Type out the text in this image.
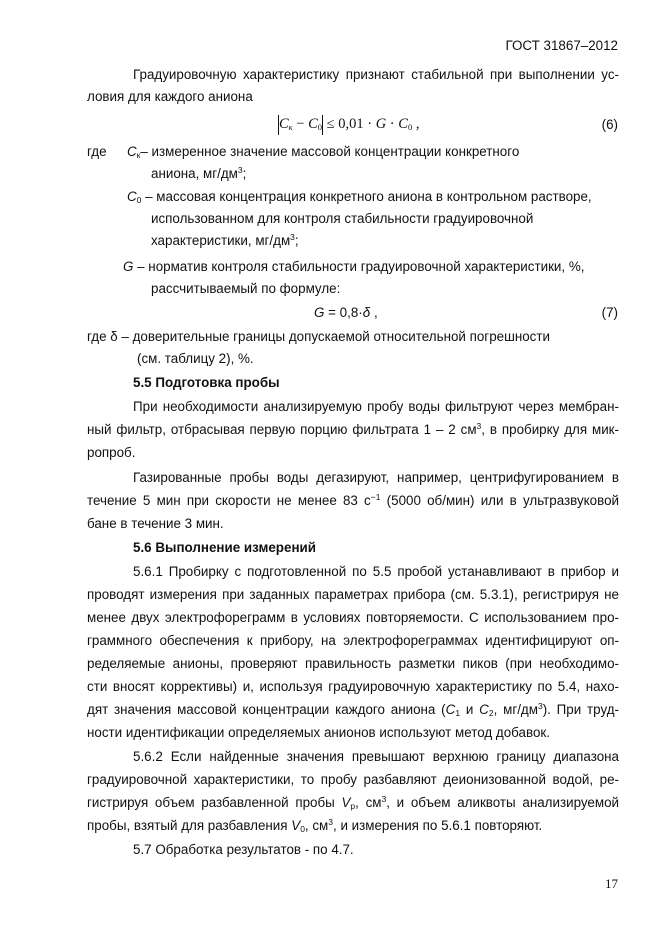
ГОСТ 31867–2012
Градуировочную характеристику признают стабильной при выполнении ус-
ловия для каждого аниона
$C_к - C_0 \le 0,01 \cdot G \cdot C_0$ ,	(6)
где $C_к-$ измеренное значение массовой концентрации конкретного
аниона, $мг/дм^3$;
$C_0$ – массовая концентрация конкретного аниона в контрольном растворе,
использованном для контроля стабильности градуировочной
характеристики, $мг/дм^3$;
G – норматив контроля стабильности градуировочной характеристики, %,
рассчитываемый по формуле:
G = 0,8·δ ,	(7)
где δ – доверительные границы допускаемой относительной погрешности
(см. таблицу 2), %.
5.5 Подготовка пробы
При необходимости анализируемую пробу воды фильтруют через мембран-
ный фильтр, отбрасывая первую порцию фильтрата 1 – 2 $см^3$, в пробирку для мик-
ропроб.
Газированные пробы воды дегазируют, например, центрифугированием в
течение 5 мин при скорости не менее 83 $с^{-1}$ (5000 об/мин) или в ультразвуковой
бане в течение 3 мин.
5.6 Выполнение измерений
5.6.1 Пробирку с подготовленной по 5.5 пробой устанавливают в прибор и
проводят измерения при заданных параметрах прибора (см. 5.3.1), регистрируя не
менее двух электрофореграмм в условиях повторяемости. С использованием про-
граммного обеспечения к прибору, на электрофореграммах идентифицируют оп-
ределяемые анионы, проверяют правильность разметки пиков (при необходимо-
сти вносят коррективы) и, используя градуировочную характеристику по 5.4, нахо-
дят значения массовой концентрации каждого аниона ($C_1$ и $C_2$, $мг/дм^3$). При труд-
ности идентификации определяемых анионов используют метод добавок.
5.6.2 Если найденные значения превышают верхнюю границу диапазона
градуировочной характеристики, то пробу разбавляют деионизованной водой, ре-
гистрируя объем разбавленной пробы $V_р$, $см^3$, и объем аликвоты анализируемой
пробы, взятый для разбавления $V_0$, $см^3$, и измерения по 5.6.1 повторяют.
5.7 Обработка результатов - по 4.7.
17
